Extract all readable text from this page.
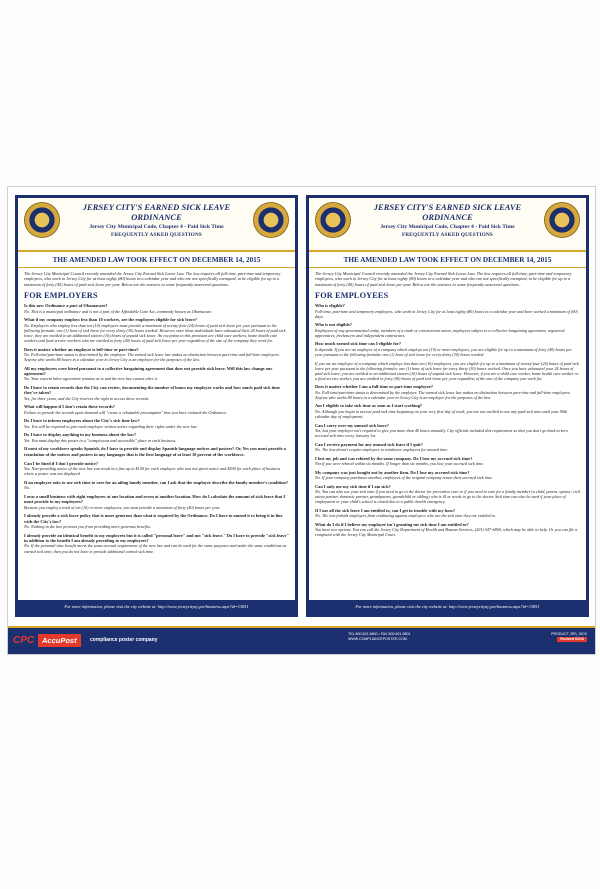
JERSEY CITY'S EARNED SICK LEAVE ORDINANCE
Jersey City Municipal Code, Chapter 4 - Paid Sick Time
FREQUENTLY ASKED QUESTIONS
THE AMENDED LAW TOOK EFFECT ON DECEMBER 14, 2015

The Jersey City Municipal Council recently amended the Jersey City Earned Sick Leave Law. The law requires all full-time, part-time and temporary employees, who work in Jersey City for at least eighty (80) hours in a calendar year and who are not specifically exempted, to be eligible for up to a maximum of forty (40) hours of paid sick leave per year. Below are the answers to some frequently answered questions.

FOR EMPLOYERS
Is this new Ordinance a part of Obamacare?
No. This is a municipal ordinance and is not a part of the Affordable Care Act, commonly known as Obamacare.
What if my company employs less than 10 workers, are the employees eligible for sick leave?
No. Employers who employ less than ten (10) employees must provide a maximum of twenty-four (24) hours of paid sick leave per year pursuant to the following formula: one (1) hour of sick leave for every thirty (30) hours worked. However, once those individuals have exhausted their 24 hours of paid sick leave, they are entitled to an additional sixteen (16) hours of unpaid sick leave. An exception to this provision are child care workers, home health care workers and food service workers who are entitled to forty (40) hours of paid sick leave per year regardless of the size of the company they work for.
Does it matter whether an employee is full-time or part-time?
No. Full-time/part-time status is determined by the employer. The earned sick leave law makes no distinction between part-time and full-time employees. Anyone who works 80 hours in a calendar year in Jersey City is an employee for the purposes of the law.
All my employees were hired pursuant to a collective bargaining agreement that does not provide sick leave. Will this law change our agreement?
No. Your current labor agreement remains as is and the new law cannot alter it.
Do I have to retain records that the City can review, documenting the number of hours my employee works and how much paid sick time they've taken?
Yes, for three years, and the City reserves the right to access these records.
What will happen if I don't retain these records?
Failure to provide the records upon demand will "create a rebuttable presumption" that you have violated the Ordinance.
Do I have to inform employees about the City's sick time law?
Yes. You will be required to give each employee written notice regarding their rights under the new law.
Do I have to display anything in my business about the law?
Yes. You must display this poster in a "conspicuous and accessible" place in each business.
If most of my workforce speaks Spanish, do I have to provide and display Spanish-language notices and posters? Or, Yes you must provide a translation of the notices and posters in any languages that is the first language of at least 10 percent of the workforce.
Can I be fined if I don't provide notice?
Yes. Non-providing notice of the new law can result in a fine up to $100 for each employee who was not given notice and $500 for each place of business where a poster was not displayed.
If an employee asks to use sick time to care for an ailing family member, can I ask that the employee describe the family member's condition?
No.
I own a small business with eight employees at one location and seven at another location. How do I calculate the amount of sick leave that I must provide to my employees?
Because you employ a total of ten (10) or more employees, you must provide a maximum of forty (40) hours per year.
I already provide a sick leave policy that is more generous than what is required by the Ordinance. Do I have to amend it to bring it in line with the City's law?
No. Nothing in the law prevents you from providing more generous benefits.
I already provide an identical benefit to my employees but it is called "personal leave" and not "sick leave." Do I have to provide "sick leave" in addition to the benefit I am already providing to my employees?
No. If the personal time benefit meets the same accrual requirement of the new law and can be used for the same purposes and under the same conditions as earned sick time, then you do not have to provide additional earned sick time.
For more information, please visit the city website at: http://www.jerseycitynj.gov/business.aspx?id=13851
JERSEY CITY'S EARNED SICK LEAVE ORDINANCE
Jersey City Municipal Code, Chapter 4 - Paid Sick Time
FREQUENTLY ASKED QUESTIONS
THE AMENDED LAW TOOK EFFECT ON DECEMBER 14, 2015

The Jersey City Municipal Council recently amended the Jersey City Earned Sick Leave Law. The law requires all full-time, part-time and temporary employees, who work in Jersey City for at least eighty (80) hours in a calendar year and who are not specifically exempted, to be eligible for up to a maximum of forty (40) hours of paid sick leave per year. Below are the answers to some frequently answered questions.

FOR EMPLOYEES
Who is eligible?
Full-time, part-time and temporary employees, who work in Jersey City for at least eighty (80) hours in a calendar year and have worked a minimum of (90) days.
Who is not eligible?
Employees of any governmental entity, members of a trade or construction union, employees subject to a collective bargaining agreement, registered apprentices, freelancers and independent contractors.
How much earned sick time can I eligible for?
It depends. If you are an employee of a company which employs ten (10) or more employees, you are eligible for up to a maximum of forty (40) hours per year pursuant to the following formula: one (1) hour of sick leave for every thirty (30) hours worked.
If you are an employee of a company which employs less than ten (10) employees, you are eligible for up to a maximum of twenty-four (24) hours of paid sick leave per year pursuant to the following formula: one (1) hour of sick leave for every thirty (30) hours worked. Once you have exhausted your 24 hours of paid sick leave, you are entitled to an additional sixteen (16) hours of unpaid sick leave. However, if you are a child care worker, home health care worker or a food service worker, you are entitled to forty (40) hours of paid sick leave per year regardless of the size of the company you work for.
Does it matter whether I am a full-time or part-time employee?
No. Full-time/part-time status is determined by the employer. The earned sick leave law makes no distinction between part-time and full-time employees. Anyone who works 80 hours in a calendar year in Jersey City is an employee for the purposes of the law.
Am I eligible to take sick time as soon as I start working?
No. Although you begin to accrue paid sick time beginning on your very first day of work, you are not entitled to use any paid sick time until your 90th calendar day of employment.
Can I carry over my unused sick leave?
Yes, but your employer isn't required to give you more than 40 hours annually. City officials included this requirement so that you don't go back to zero accrued sick time every January 1st.
Can I receive payment for any unused sick leave if I quit?
No. The law doesn't require employers to reimburse employees for unused time.
I lost my job and was rehired by the same company. Do I lose my accrued sick time?
Not if you were rehired within six months. If longer than six months, you lose your accrued sick time.
My company was just bought out by another firm. Do I lose my accrued sick time?
No. If your company purchases another, employees of the original company retain their accrued sick time.
Can I only use my sick time if I am sick?
No. You can also use your sick time if you need to go to the doctor for preventive care or if you need to care for a family member (a child, parent, spouse, civil union partner, domestic partner, grandparent, grandchild or sibling) who is ill or needs to go to the doctor. Sick time can also be used if your place of employment or your child's school is closed due to a public health emergency.
If I use all the sick leave I am entitled to, can I get in trouble with my boss?
No. The law forbids employers from retaliating against employees who use the sick time they are entitled to.
What do I do if I believe my employer isn't granting me sick time I am entitled to?
You have two options. You can call the Jersey City Department of Health and Human Services, (201) 547-6800, which may be able to help. Or you can file a complaint with the Jersey City Municipal Court.
For more information, please visit the city website at: http://www.jerseycitynj.gov/business.aspx?id=13851
CPC	AccuPost	compliance poster company
TEL 800.621.5800 • FAX 800.621.5801
WWW.COMPLIANCEPOSTER.COM
PRODUCT JRS_SICK
Revised 02/16
